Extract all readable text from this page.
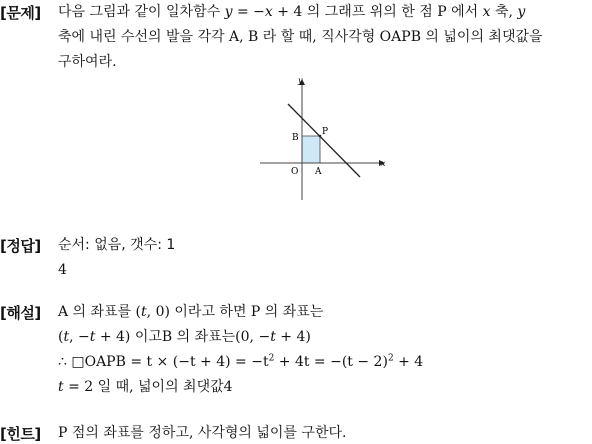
[문제] 다음 그림과 같이 일차함수 y = −x + 4 의 그래프 위의 한 점 P 에서 x 축, y
축에 내린 수선의 발을 각각 A, B 라 할 때, 직사각형 OAPB 의 넓이의 최댓값을
구하여라.
y
x
O A
B
P
[정답] 순서: 없음, 갯수: 1
4
[해설] A 의 좌표를 (t, 0) 이라고 하면 P 의 좌표는
(t, −t + 4) 이고B 의 좌표는(0, −t + 4)
∴ □OAPB = $t \times (-t + 4) = -t^2 + 4t = -(t - 2)^2 + 4$
t = 2 일 때, 넓이의 최댓값4
[힌트] P 점의 좌표를 정하고, 사각형의 넓이를 구한다.
